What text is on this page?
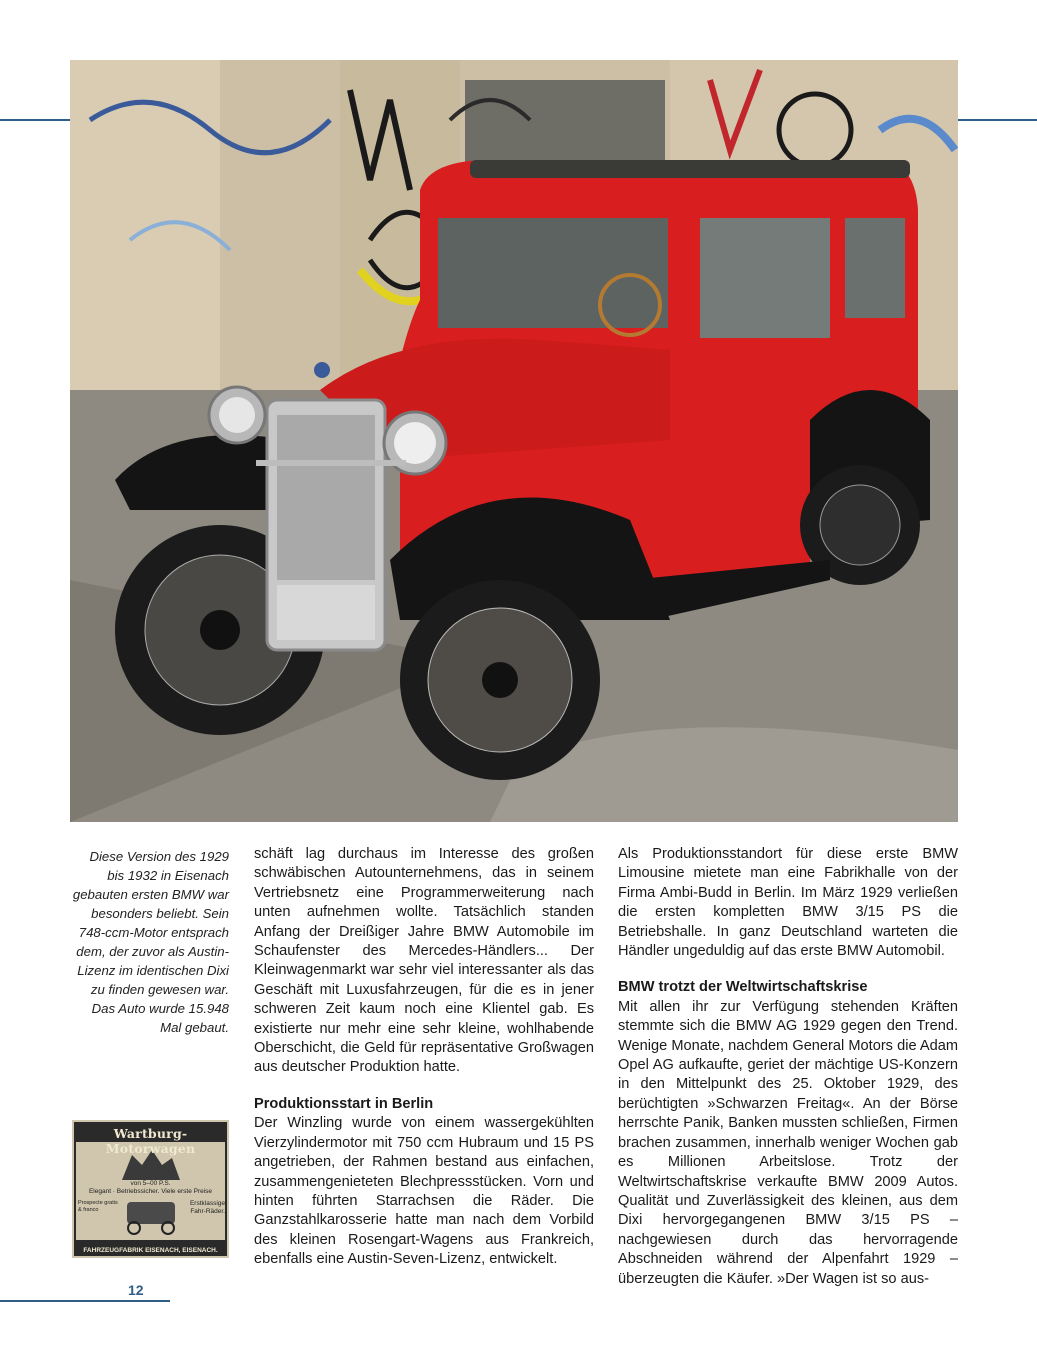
Diese Version des 1929 bis 1932 in Eisenach gebauten ersten BMW war besonders beliebt. Sein 748-ccm-Motor entsprach dem, der zuvor als Austin-Lizenz im identischen Dixi zu finden gewesen war. Das Auto wurde 15.948 Mal gebaut.

schäft lag durchaus im Interesse des großen schwäbischen Autounternehmens, das in seinem Vertriebsnetz eine Programmerweiterung nach unten aufnehmen wollte. Tatsächlich standen Anfang der Dreißiger Jahre BMW Automobile im Schaufenster des Mercedes-Händlers... Der Kleinwagenmarkt war sehr viel interessanter als das Geschäft mit Luxusfahrzeugen, für die es in jener schweren Zeit kaum noch eine Klientel gab. Es existierte nur mehr eine sehr kleine, wohlhabende Oberschicht, die Geld für repräsentative Großwagen aus deutscher Produktion hatte.

Produktionsstart in Berlin

Der Winzling wurde von einem wassergekühlten Vierzylindermotor mit 750 ccm Hubraum und 15 PS angetrieben, der Rahmen bestand aus einfachen, zusammengenieteten Blechpressstücken. Vorn und hinten führten Starrachsen die Räder. Die Ganzstahlkarosserie hatte man nach dem Vorbild des kleinen Rosengart-Wagens aus Frankreich, ebenfalls eine Austin-Seven-Lizenz, entwickelt.

Als Produktionsstandort für diese erste BMW Limousine mietete man eine Fabrikhalle von der Firma Ambi-Budd in Berlin. Im März 1929 verließen die ersten kompletten BMW 3/15 PS die Betriebshalle. In ganz Deutschland warteten die Händler ungeduldig auf das erste BMW Automobil.

BMW trotzt der Weltwirtschaftskrise

Mit allen ihr zur Verfügung stehenden Kräften stemmte sich die BMW AG 1929 gegen den Trend. Wenige Monate, nachdem General Motors die Adam Opel AG aufkaufte, geriet der mächtige US-Konzern in den Mittelpunkt des 25. Oktober 1929, des berüchtigten »Schwarzen Freitag«. An der Börse herrschte Panik, Banken mussten schließen, Firmen brachen zusammen, innerhalb weniger Wochen gab es Millionen Arbeitslose. Trotz der Weltwirtschaftskrise verkaufte BMW 2009 Autos. Qualität und Zuverlässigkeit des kleinen, aus dem Dixi hervorgegangenen BMW 3/15 PS – nachgewiesen durch das hervorragende Abschneiden während der Alpenfahrt 1929 – überzeugten die Käufer. »Der Wagen ist so aus-

Wartburg-Motorwagen
von 5–00 P.S.
Elegant · Betriebssicher. Viele erste Preise
Prospecte gratis & franco
Erstklassige Fahr-Räder.
FAHRZEUGFABRIK EISENACH, EISENACH.
12
